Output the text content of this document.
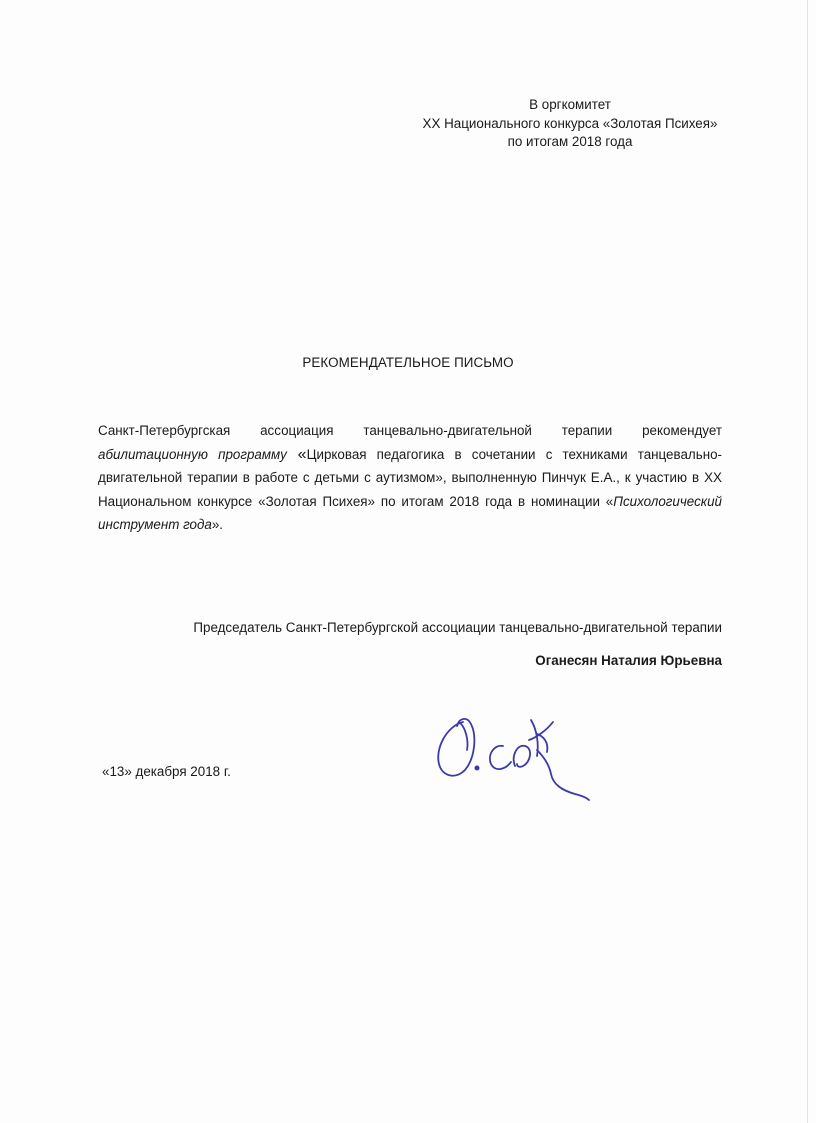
В оргкомитет
XX Национального конкурса «Золотая Психея»
по итогам 2018 года
РЕКОМЕНДАТЕЛЬНОЕ ПИСЬМО
Санкт-Петербургская ассоциация танцевально-двигательной терапии рекомендует абилитационную программу «Цирковая педагогика в сочетании с техниками танцевально-двигательной терапии в работе с детьми с аутизмом», выполненную Пинчук Е.А., к участию в XX Национальном конкурсе «Золотая Психея» по итогам 2018 года в номинации «Психологический инструмент года».
Председатель Санкт-Петербургской ассоциации танцевально-двигательной терапии
Оганесян Наталия Юрьевна
«13» декабря 2018 г.
